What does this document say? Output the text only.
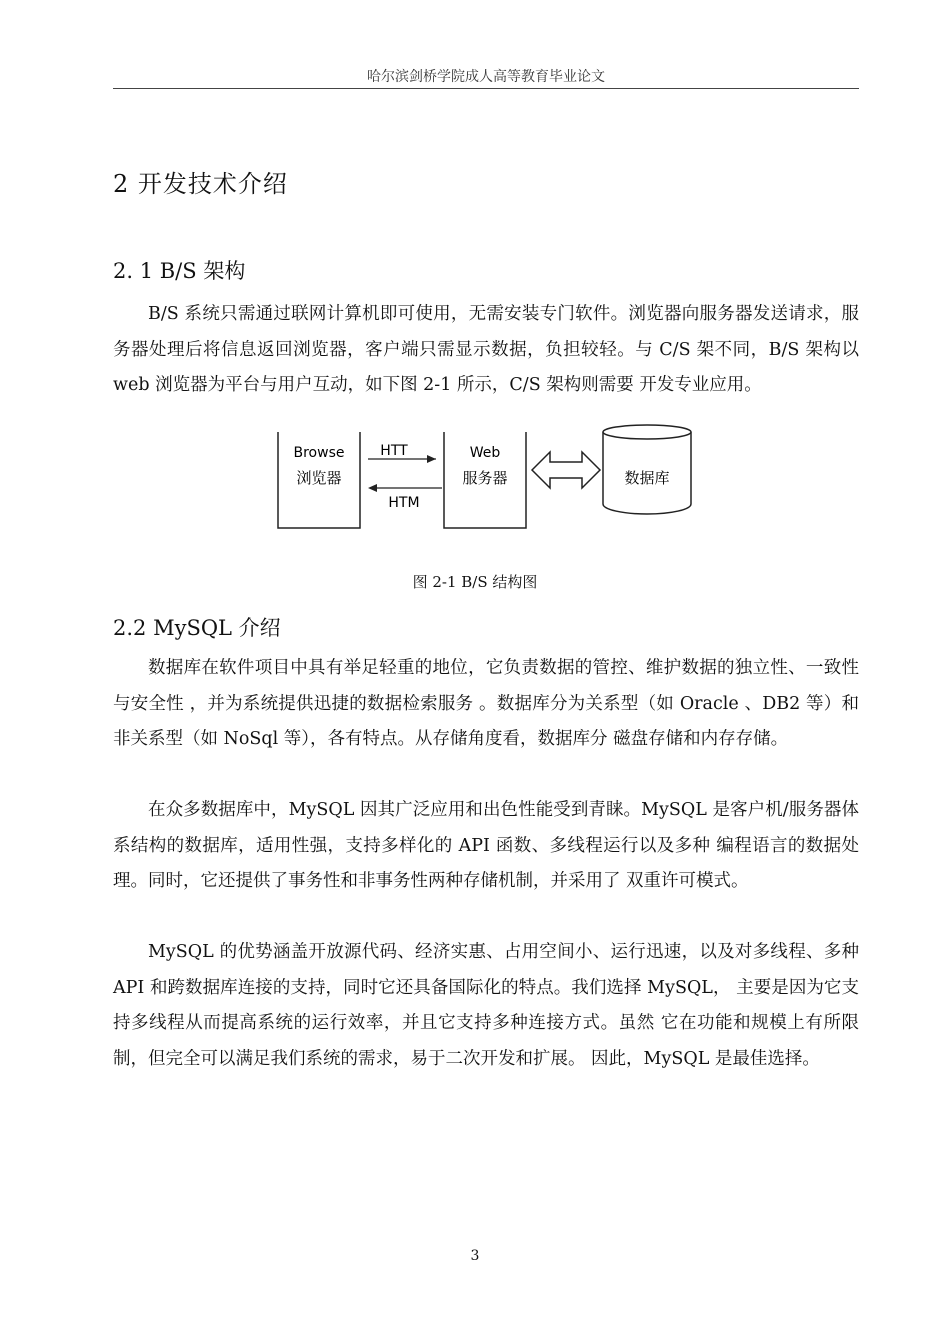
哈尔滨剑桥学院成人高等教育毕业论文
2 开发技术介绍
2. 1 B/S 架构

B/S 系统只需通过联网计算机即可使用，无需安装专门软件。浏览器向服务器发送请求，服务器处理后将信息返回浏览器，客户端只需显示数据，负担较轻。与 C/S 架不同，B/S 架构以 web 浏览器为平台与用户互动，如下图 2-1 所示，C/S 架构则需要 开发专业应用。

Browse
浏览器
HTT
HTM
Web
服务器	数据库
图 2-1 B/S 结构图
2.2 MySQL 介绍

数据库在软件项目中具有举足轻重的地位，它负责数据的管控、维护数据的独立性、一致性与安全性 ，并为系统提供迅捷的数据检索服务 。数据库分为关系型（如 Oracle 、DB2 等）和非关系型（如 NoSql 等），各有特点。从存储角度看，数据库分 磁盘存储和内存存储。

在众多数据库中，MySQL 因其广泛应用和出色性能受到青睐。MySQL 是客户机/服务器体系结构的数据库，适用性强，支持多样化的 API 函数、多线程运行以及多种 编程语言的数据处理。同时，它还提供了事务性和非事务性两种存储机制，并采用了 双重许可模式。

MySQL 的优势涵盖开放源代码、经济实惠、占用空间小、运行迅速，以及对多线程、多种 API 和跨数据库连接的支持，同时它还具备国际化的特点。我们选择 MySQL， 主要是因为它支持多线程从而提高系统的运行效率，并且它支持多种连接方式。虽然 它在功能和规模上有所限制，但完全可以满足我们系统的需求，易于二次开发和扩展。 因此，MySQL 是最佳选择。

3
